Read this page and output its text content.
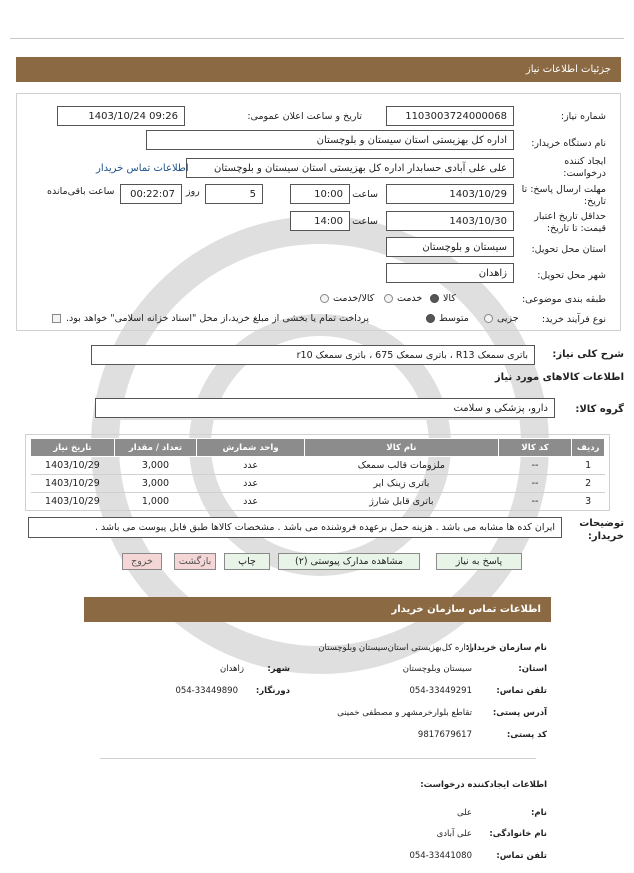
جزئیات اطلاعات نیاز
شماره نیاز:
1103003724000068
تاریخ و ساعت اعلان عمومی:
1403/10/24 09:26
نام دستگاه خریدار:
اداره کل بهزیستی استان سیستان و بلوچستان
ایجاد کننده درخواست:
علی علی آبادی حسابدار اداره کل بهزیستی استان سیستان و بلوچستان
اطلاعات تماس خریدار
مهلت ارسال پاسخ: تا تاریخ:
1403/10/29
ساعت
10:00
5
روز
00:22:07
ساعت باقی‌مانده
حداقل تاریخ اعتبار قیمت: تا تاریخ:
1403/10/30
ساعت
14:00
استان محل تحویل:
سیستان و بلوچستان
شهر محل تحویل:
زاهدان
طبقه بندی موضوعی:
کالا
خدمت
کالا/خدمت
نوع فرآیند خرید:
جزیی
متوسط
پرداخت تمام یا بخشی از مبلغ خرید،از محل "اسناد خزانه اسلامی" خواهد بود.
شرح کلی نیاز:
باتری سمعک R13 ، باتری سمعک 675 ، باتری سمعک r10
اطلاعات کالاهای مورد نیاز
گروه کالا:
دارو، پزشکی و سلامت
ردیف	کد کالا	نام کالا	واحد شمارش	تعداد / مقدار	تاریخ نیاز
1	--	ملزومات قالب سمعک	عدد	3,000	1403/10/29
2	--	باتری زینک ایر	عدد	3,000	1403/10/29
3	--	باتری قابل شارژ	عدد	1,000	1403/10/29
توضیحات خریدار:
ایران کده ها مشابه می باشد . هزینه حمل برعهده فروشنده می باشد . مشخصات کالاها طبق فایل پیوست می باشد .
پاسخ به نیاز
مشاهده مدارک پیوستی (۲)
چاپ
بازگشت
خروج
اطلاعات تماس سازمان خریدار
نام سازمان خریدار:
اداره کل‌بهزیستی استان‌سیستان وبلوچستان
استان:
سیستان وبلوچستان
شهر:
زاهدان
تلفن تماس:
054-33449291
دورنگار:
054-33449890
آدرس پستی:
تقاطع بلوارخرمشهر و مصطفی خمینی
کد پستی:
9817679617
اطلاعات ایجادکننده درخواست:
نام:
علی
نام خانوادگی:
علی آبادی
تلفن تماس:
054-33441080
